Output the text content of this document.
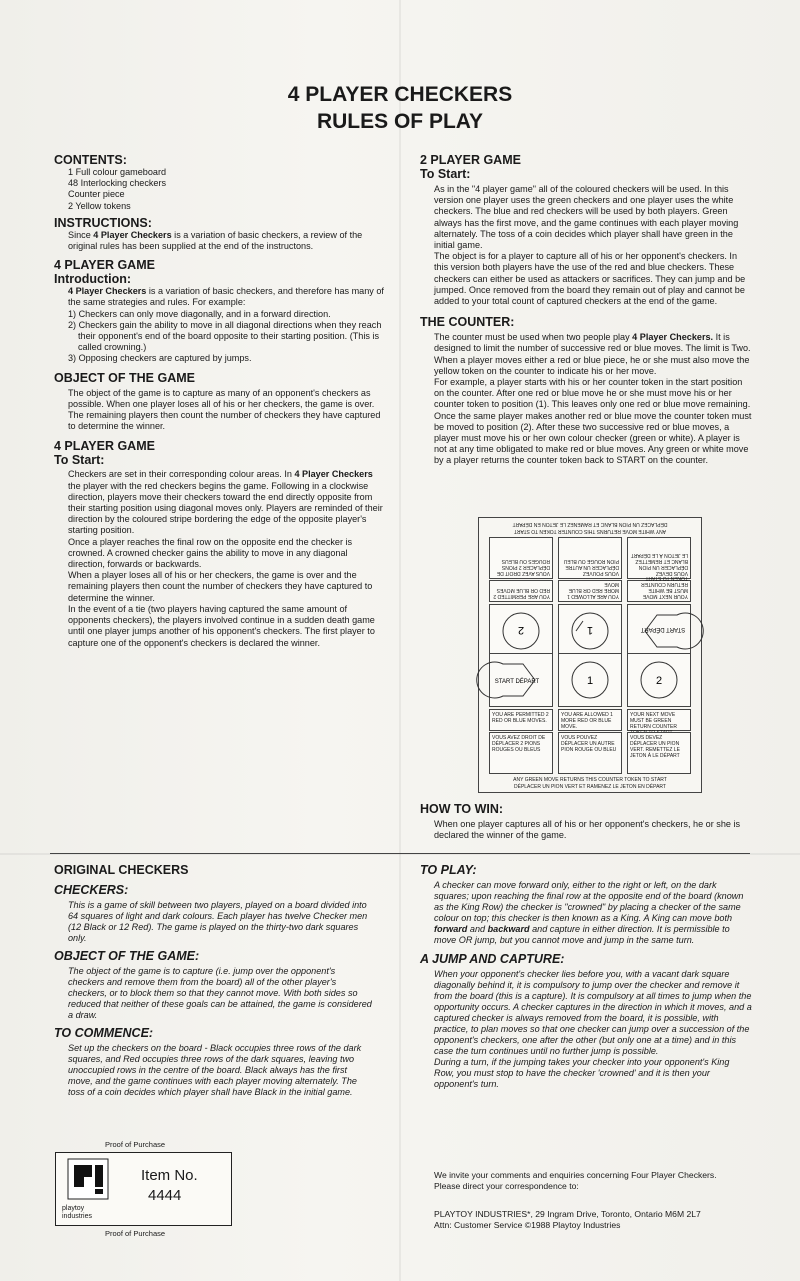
4 PLAYER CHECKERS
RULES OF PLAY
CONTENTS:
1 Full colour gameboard
48 Interlocking checkers
Counter piece
2 Yellow tokens
INSTRUCTIONS:

Since 4 Player Checkers is a variation of basic checkers, a review of the original rules has been supplied at the end of the instructons.

4 PLAYER GAME
Introduction:

4 Player Checkers is a variation of basic checkers, and therefore has many of the same strategies and rules. For example:

1) Checkers can only move diagonally, and in a forward direction.

2) Checkers gain the ability to move in all diagonal directions when they reach their opponent's end of the board opposite to their starting position. (This is called crowning.)

3) Opposing checkers are captured by jumps.

OBJECT OF THE GAME

The object of the game is to capture as many of an opponent's checkers as possible. When one player loses all of his or her checkers, the game is over. The remaining players then count the number of checkers they have captured to determine the winner.

4 PLAYER GAME
To Start:

Checkers are set in their corresponding colour areas. In 4 Player Checkers the player with the red checkers begins the game. Following in a clockwise direction, players move their checkers toward the end directly opposite from their starting position using diagonal moves only. Players are reminded of their direction by the coloured stripe bordering the edge of the opposite player's starting position.

Once a player reaches the final row on the opposite end the checker is crowned. A crowned checker gains the ability to move in any diagonal direction, forwards or backwards.

When a player loses all of his or her checkers, the game is over and the remaining players then count the number of checkers they have captured to determine the winner.

In the event of a tie (two players having captured the same amount of opponents checkers), the players involved continue in a sudden death game until one player jumps another of his opponent's checkers. The first player to capture one of the opponent's checkers is declared the winner.

2 PLAYER GAME
To Start:

As in the "4 player game" all of the coloured checkers will be used. In this version one player uses the green checkers and one player uses the white checkers. The blue and red checkers will be used by both players. Green always has the first move, and the game continues with each player moving alternately. The toss of a coin decides which player shall have green in the initial game.

The object is for a player to capture all of his or her opponent's checkers. In this version both players have the use of the red and blue checkers. These checkers can either be used as attackers or sacrifices. They can jump and be jumped. Once removed from the board they remain out of play and cannot be added to your total count of captured checkers at the end of the game.

THE COUNTER:

The counter must be used when two people play 4 Player Checkers. It is designed to limit the number of successive red or blue moves. The limit is Two.

When a player moves either a red or blue piece, he or she must also move the yellow token on the counter to indicate his or her move.

For example, a player starts with his or her counter token in the start position on the counter. After one red or blue move he or she must move his or her counter token to position (1). This leaves only one red or blue move remaining. Once the same player makes another red or blue move the counter token must be moved to position (2). After these two successive red or blue moves, a player must move his or her own colour checker (green or white). A player is not at any time obligated to make red or blue moves. Any green or white move by a player returns the counter token back to START on the counter.

DÉPLACEZ UN PION BLANC ET RAMENEZ LE JETON EN DÉPART
ANY WHITE MOVE RETURNS THIS COUNTER TOKEN TO START
VOUS AVEZ DROIT DE DÉPLACER 2 PIONS ROUGES OU BLEUS
VOUS POUVEZ DÉPLACER UN AUTRE PION ROUGE OU BLEU
VOUS DEVEZ DÉPLACER UN PION BLANC ET REMETTEZ LE JETON À LE DÉPART
YOU ARE PERMITTED 2 RED OR BLUE MOVES
YOU ARE ALLOWED 1 MORE RED OR BLUE MOVE
YOUR NEXT MOVE MUST BE WHITE RETURN COUNTER TOKEN TO START
2	1	START DÉPART
START DÉPART	1	2
YOU ARE PERMITTED 2 RED OR BLUE MOVES.
YOU ARE ALLOWED 1 MORE RED OR BLUE MOVE.
YOUR NEXT MOVE MUST BE GREEN RETURN COUNTER
VOUS AVEZ DROIT DE DÉPLACER 2 PIONS ROUGES OU BLEUS
VOUS POUVEZ DÉPLACER UN AUTRE PION ROUGE OU BLEU
VOUS DEVEZ DÉPLACER UN PION VERT. REMETTEZ LE JETON À LE DÉPART
ANY GREEN MOVE RETURNS THIS COUNTER TOKEN TO START
DÉPLACER UN PION VERT ET RAMENEZ LE JETON EN DÉPART
HOW TO WIN:

When one player captures all of his or her opponent's checkers, he or she is declared the winner of the game.

ORIGINAL CHECKERS
CHECKERS:

This is a game of skill between two players, played on a board divided into 64 squares of light and dark colours. Each player has twelve Checker men (12 Black or 12 Red). The game is played on the thirty-two dark squares only.

OBJECT OF THE GAME:

The object of the game is to capture (i.e. jump over the opponent's checkers and remove them from the board) all of the other player's checkers, or to block them so that they cannot move. With both sides so reduced that neither of these goals can be attained, the game is considered a draw.

TO COMMENCE:

Set up the checkers on the board - Black occupies three rows of the dark squares, and Red occupies three rows of the dark squares, leaving two unoccupied rows in the centre of the board. Black always has the first move, and the game continues with each player moving alternately. The toss of a coin decides which player shall have Black in the initial game.

TO PLAY:

A checker can move forward only, either to the right or left, on the dark squares; upon reaching the final row at the opposite end of the board (known as the King Row) the checker is "crowned" by placing a checker of the same colour on top; this checker is then known as a King. A King can move both forward and backward and capture in either direction. It is permissible to move OR jump, but you cannot move and jump in the same turn.

A JUMP AND CAPTURE:

When your opponent's checker lies before you, with a vacant dark square diagonally behind it, it is compulsory to jump over the checker and remove it from the board (this is a capture). It is compulsory at all times to jump when the opportunity occurs. A checker captures in the direction in which it moves, and a captured checker is always removed from the board, it is possible, with practice, to plan moves so that one checker can jump over a succession of the opponent's checkers, one after the other (but only one at a time) and in this case the turn continues until no further jump is possible.

During a turn, if the jumping takes your checker into your opponent's King Row, you must stop to have the checker 'crowned' and it is then your opponent's turn.

Proof of Purchase
playtoy industries
Item No.
4444
Proof of Purchase
We invite your comments and enquiries concerning Four Player Checkers.
Please direct your correspondence to:
PLAYTOY INDUSTRIES*, 29 Ingram Drive, Toronto, Ontario M6M 2L7
Attn: Customer Service ©1988 Playtoy Industries
